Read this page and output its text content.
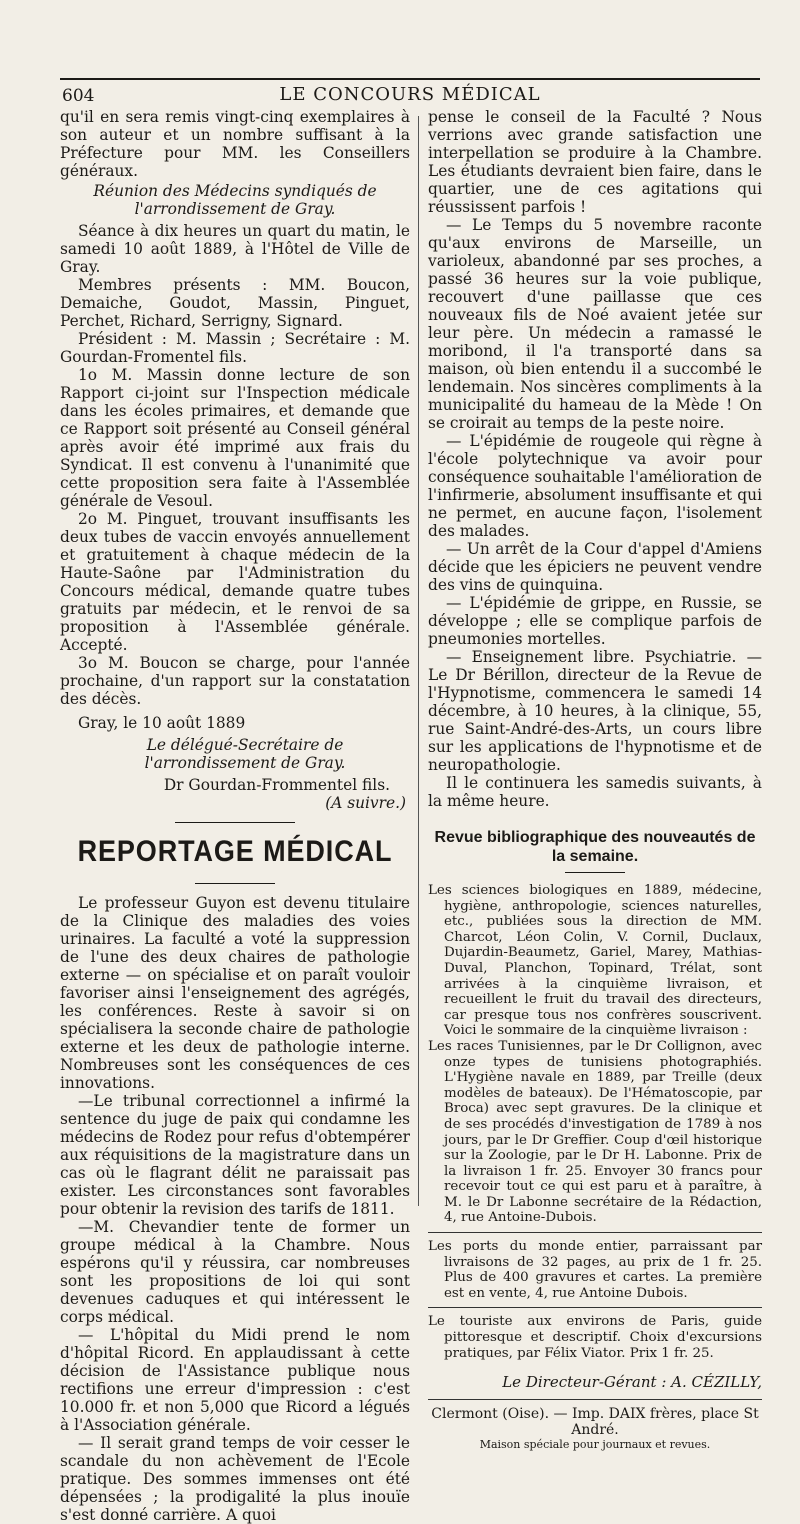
604	LE CONCOURS MÉDICAL

qu'il en sera remis vingt-cinq exemplaires à son auteur et un nombre suffisant à la Préfecture pour MM. les Conseillers généraux.

Réunion des Médecins syndiqués de l'arrondissement de Gray.

Séance à dix heures un quart du matin, le samedi 10 août 1889, à l'Hôtel de Ville de Gray.

Membres présents : MM. Boucon, Demaiche, Goudot, Massin, Pinguet, Perchet, Richard, Serrigny, Signard.

Président : M. Massin ; Secrétaire : M. Gourdan-Fromentel fils.

1o M. Massin donne lecture de son Rapport ci-joint sur l'Inspection médicale dans les écoles primaires, et demande que ce Rapport soit présenté au Conseil général après avoir été imprimé aux frais du Syndicat. Il est convenu à l'unanimité que cette proposition sera faite à l'Assemblée générale de Vesoul.

2o M. Pinguet, trouvant insuffisants les deux tubes de vaccin envoyés annuellement et gratuitement à chaque médecin de la Haute-Saône par l'Administration du Concours médical, demande quatre tubes gratuits par médecin, et le renvoi de sa proposition à l'Assemblée générale. Accepté.

3o M. Boucon se charge, pour l'année prochaine, d'un rapport sur la constatation des décès.

Gray, le 10 août 1889

Le délégué-Secrétaire de l'arrondissement de Gray.

Dr Gourdan-Frommentel fils.

(A suivre.)

REPORTAGE MÉDICAL

Le professeur Guyon est devenu titulaire de la Clinique des maladies des voies urinaires. La faculté a voté la suppression de l'une des deux chaires de pathologie externe — on spécialise et on paraît vouloir favoriser ainsi l'enseignement des agrégés, les conférences. Reste à savoir si on spécialisera la seconde chaire de pathologie externe et les deux de pathologie interne. Nombreuses sont les conséquences de ces innovations.

—Le tribunal correctionnel a infirmé la sentence du juge de paix qui condamne les médecins de Rodez pour refus d'obtempérer aux réquisitions de la magistrature dans un cas où le flagrant délit ne paraissait pas exister. Les circonstances sont favorables pour obtenir la revision des tarifs de 1811.

—M. Chevandier tente de former un groupe médical à la Chambre. Nous espérons qu'il y réussira, car nombreuses sont les propositions de loi qui sont devenues caduques et qui intéressent le corps médical.

— L'hôpital du Midi prend le nom d'hôpital Ricord. En applaudissant à cette décision de l'Assistance publique nous rectifions une erreur d'impression : c'est 10.000 fr. et non 5,000 que Ricord a légués à l'Association générale.

— Il serait grand temps de voir cesser le scandale du non achèvement de l'Ecole pratique. Des sommes immenses ont été dépensées ; la prodigalité la plus inouïe s'est donné carrière. A quoi

pense le conseil de la Faculté ? Nous verrions avec grande satisfaction une interpellation se produire à la Chambre. Les étudiants devraient bien faire, dans le quartier, une de ces agitations qui réussissent parfois !

— Le Temps du 5 novembre raconte qu'aux environs de Marseille, un varioleux, abandonné par ses proches, a passé 36 heures sur la voie publique, recouvert d'une paillasse que ces nouveaux fils de Noé avaient jetée sur leur père. Un médecin a ramassé le moribond, il l'a transporté dans sa maison, où bien entendu il a succombé le lendemain. Nos sincères compliments à la municipalité du hameau de la Mède ! On se croirait au temps de la peste noire.

— L'épidémie de rougeole qui règne à l'école polytechnique va avoir pour conséquence souhaitable l'amélioration de l'infirmerie, absolument insuffisante et qui ne permet, en aucune façon, l'isolement des malades.

— Un arrêt de la Cour d'appel d'Amiens décide que les épiciers ne peuvent vendre des vins de quinquina.

— L'épidémie de grippe, en Russie, se développe ; elle se complique parfois de pneumonies mortelles.

— Enseignement libre. Psychiatrie. — Le Dr Bérillon, directeur de la Revue de l'Hypnotisme, commencera le samedi 14 décembre, à 10 heures, à la clinique, 55, rue Saint-André-des-Arts, un cours libre sur les applications de l'hypnotisme et de neuropathologie.

Il le continuera les samedis suivants, à la même heure.

Revue bibliographique des nouveautés de la semaine.

Les sciences biologiques en 1889, médecine, hygiène, anthropologie, sciences naturelles, etc., publiées sous la direction de MM. Charcot, Léon Colin, V. Cornil, Duclaux, Dujardin-Beaumetz, Gariel, Marey, Mathias-Duval, Planchon, Topinard, Trélat, sont arrivées à la cinquième livraison, et recueillent le fruit du travail des directeurs, car presque tous nos confrères souscrivent. Voici le sommaire de la cinquième livraison :

Les races Tunisiennes, par le Dr Collignon, avec onze types de tunisiens photographiés. L'Hygiène navale en 1889, par Treille (deux modèles de bateaux). De l'Hématoscopie, par Broca) avec sept gravures. De la clinique et de ses procédés d'investigation de 1789 à nos jours, par le Dr Greffier. Coup d'œil historique sur la Zoologie, par le Dr H. Labonne. Prix de la livraison 1 fr. 25. Envoyer 30 francs pour recevoir tout ce qui est paru et à paraître, à M. le Dr Labonne secrétaire de la Rédaction, 4, rue Antoine-Dubois.

Les ports du monde entier, parraissant par livraisons de 32 pages, au prix de 1 fr. 25. Plus de 400 gravures et cartes. La première est en vente, 4, rue Antoine Dubois.

Le touriste aux environs de Paris, guide pittoresque et descriptif. Choix d'excursions pratiques, par Félix Viator. Prix 1 fr. 25.

Le Directeur-Gérant : A. CÉZILLY,
Clermont (Oise). — Imp. DAIX frères, place St André.
Maison spéciale pour journaux et revues.
